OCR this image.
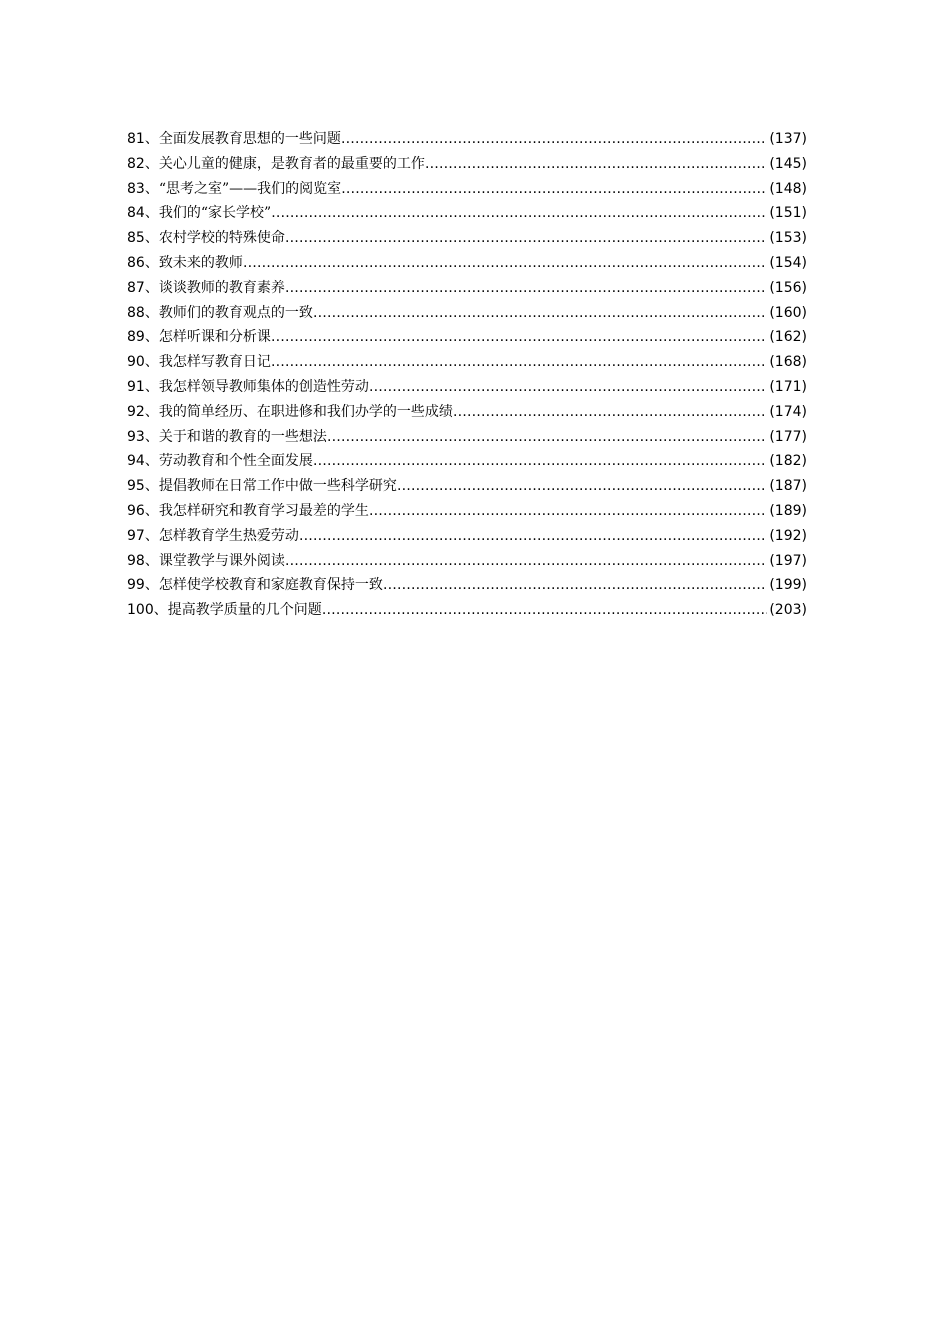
81 、 全面发展教育思想的一些问题 ……………………………………………………………………………………………………………………………………………………………………………………………………………………	(137)
82 、 关心儿童的健康，是教育者的最重要的工作 ……………………………………………………………………………………………………………………………………………………………………………………………………………………	(145)
83 、 “思考之室”——我们的阅览室 ……………………………………………………………………………………………………………………………………………………………………………………………………………………	(148)
84 、 我们的“家长学校” ……………………………………………………………………………………………………………………………………………………………………………………………………………………	(151)
85 、 农村学校的特殊使命 ……………………………………………………………………………………………………………………………………………………………………………………………………………………	(153)
86 、 致未来的教师 ……………………………………………………………………………………………………………………………………………………………………………………………………………………	(154)
87 、 谈谈教师的教育素养 ……………………………………………………………………………………………………………………………………………………………………………………………………………………	(156)
88 、 教师们的教育观点的一致 ……………………………………………………………………………………………………………………………………………………………………………………………………………………	(160)
89 、 怎样听课和分析课 ……………………………………………………………………………………………………………………………………………………………………………………………………………………	(162)
90 、 我怎样写教育日记 ……………………………………………………………………………………………………………………………………………………………………………………………………………………	(168)
91 、 我怎样领导教师集体的创造性劳动 ……………………………………………………………………………………………………………………………………………………………………………………………………………………	(171)
92 、 我的简单经历、在职进修和我们办学的一些成绩 ……………………………………………………………………………………………………………………………………………………………………………………………………………………	(174)
93 、 关于和谐的教育的一些想法 ……………………………………………………………………………………………………………………………………………………………………………………………………………………	(177)
94 、 劳动教育和个性全面发展 ……………………………………………………………………………………………………………………………………………………………………………………………………………………	(182)
95 、 提倡教师在日常工作中做一些科学研究 ……………………………………………………………………………………………………………………………………………………………………………………………………………………	(187)
96 、 我怎样研究和教育学习最差的学生 ……………………………………………………………………………………………………………………………………………………………………………………………………………………	(189)
97 、 怎样教育学生热爱劳动 ……………………………………………………………………………………………………………………………………………………………………………………………………………………	(192)
98 、 课堂教学与课外阅读 ……………………………………………………………………………………………………………………………………………………………………………………………………………………	(197)
99 、 怎样使学校教育和家庭教育保持一致 ……………………………………………………………………………………………………………………………………………………………………………………………………………………	(199)
100 、 提高教学质量的几个问题 ……………………………………………………………………………………………………………………………………………………………………………………………………………………	(203)
